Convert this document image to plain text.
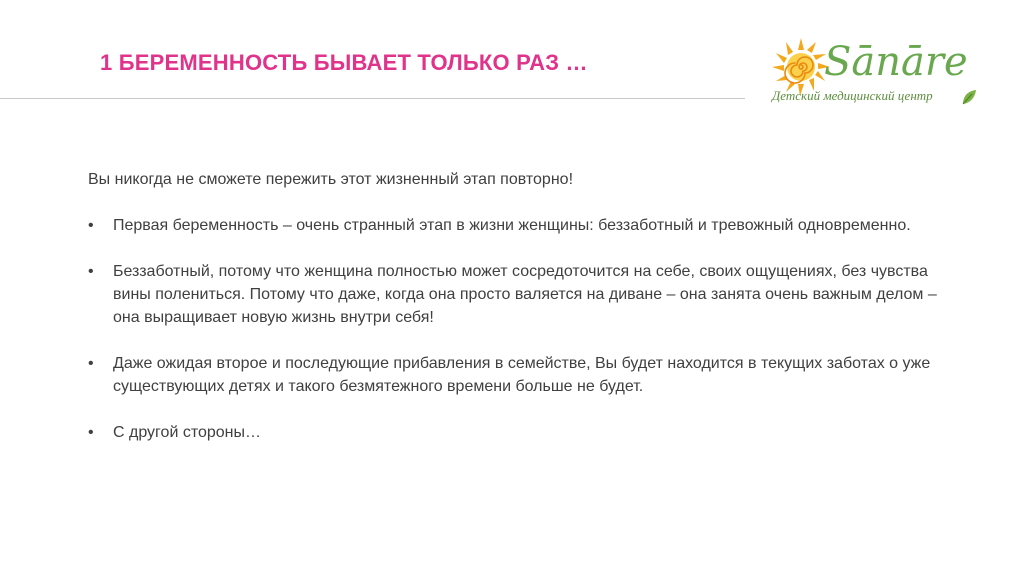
1 БЕРЕМЕННОСТЬ БЫВАЕТ ТОЛЬКО РАЗ …	Sānāre
Детский медицинский центр

Вы никогда не сможете пережить этот жизненный этап повторно!

• Первая беременность – очень странный этап в жизни женщины: беззаботный и тревожный одновременно.
• Беззаботный, потому что женщина полностью может сосредоточится на себе, своих ощущениях, без чувства вины полениться. Потому что даже, когда она просто валяется на диване – она занята очень важным делом – она выращивает новую жизнь внутри себя!
• Даже ожидая второе и последующие прибавления в семействе, Вы будет находится в текущих заботах о уже существующих детях и такого безмятежного времени больше не будет.
• С другой стороны…
